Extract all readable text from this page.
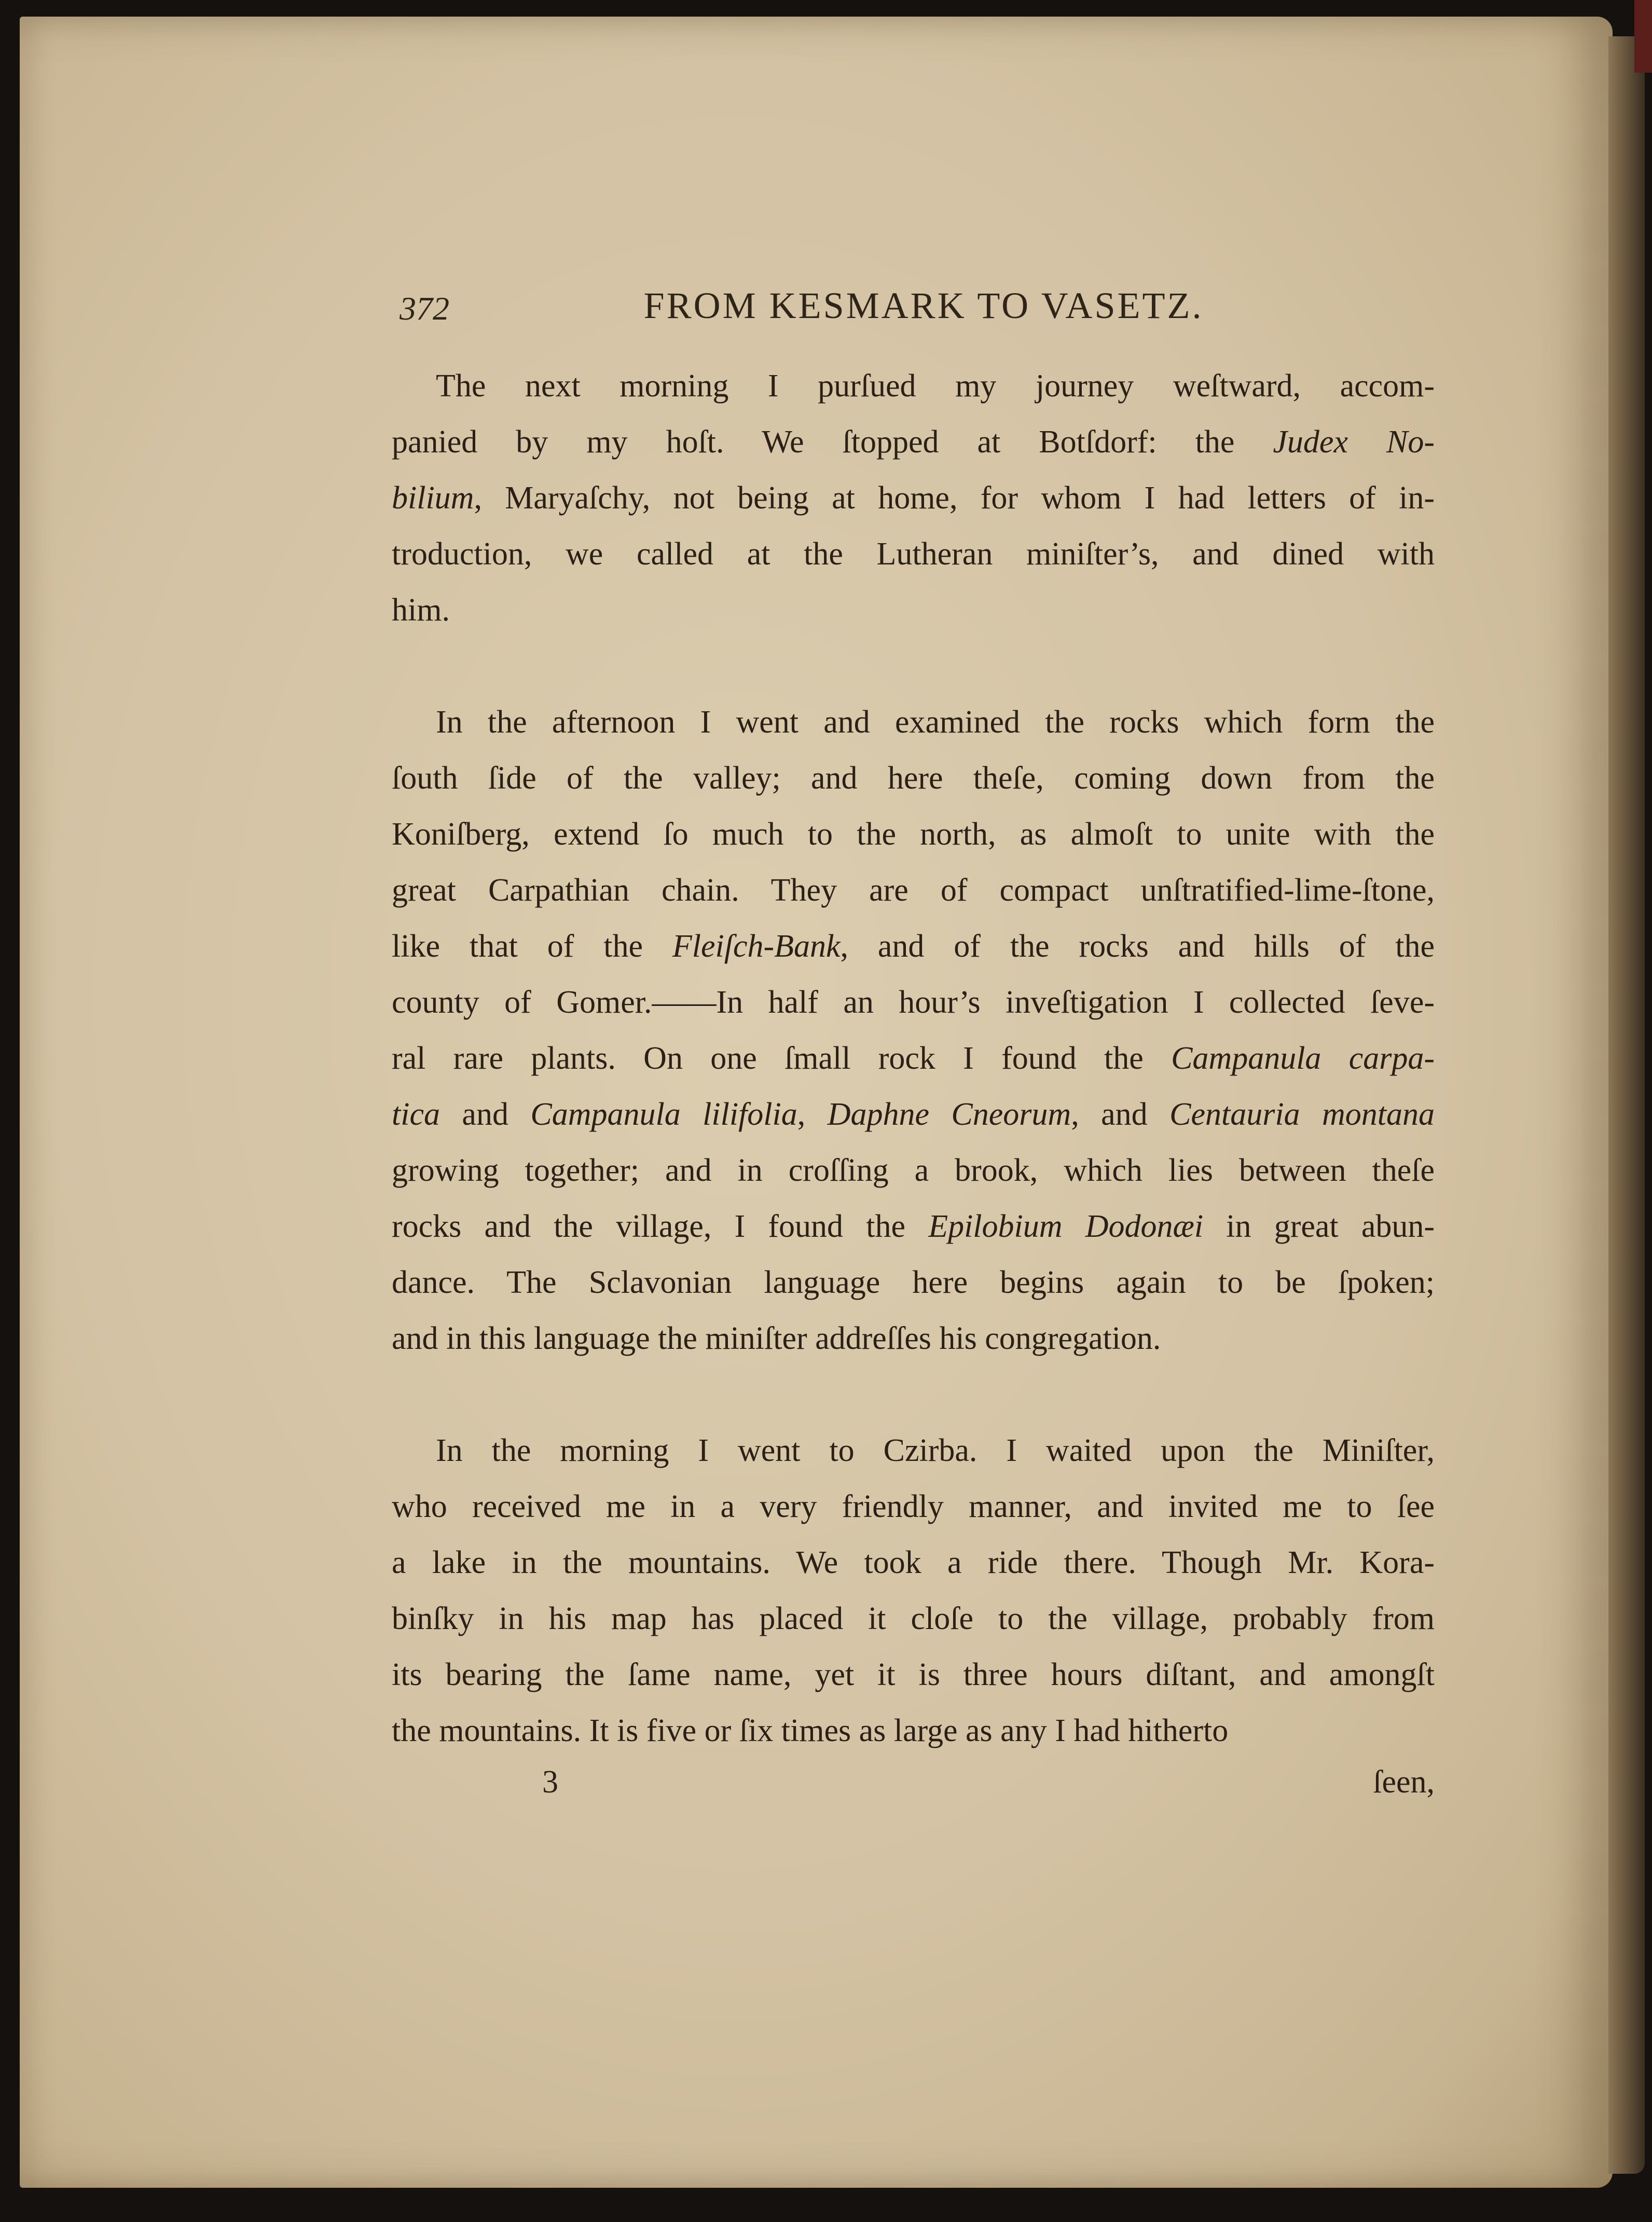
372	FROM KESMARK TO VASETZ.
The next morning I purſued my journey weſtward, accom-
panied by my hoſt. We ſtopped at Botſdorf: the Judex No-
bilium, Maryaſchy, not being at home, for whom I had letters of in-
troduction, we called at the Lutheran miniſter’s, and dined with
him.
In the afternoon I went and examined the rocks which form the
ſouth ſide of the valley; and here theſe, coming down from the
Koniſberg, extend ſo much to the north, as almoſt to unite with the
great Carpathian chain. They are of compact unſtratified-lime-ſtone,
like that of the Fleiſch-Bank, and of the rocks and hills of the
county of Gomer.——In half an hour’s inveſtigation I collected ſeve-
ral rare plants. On one ſmall rock I found the Campanula carpa-
tica and Campanula lilifolia, Daphne Cneorum, and Centauria montana
growing together; and in croſſing a brook, which lies between theſe
rocks and the village, I found the Epilobium Dodonæi in great abun-
dance. The Sclavonian language here begins again to be ſpoken;
and in this language the miniſter addreſſes his congregation.
In the morning I went to Czirba. I waited upon the Miniſter,
who received me in a very friendly manner, and invited me to ſee
a lake in the mountains. We took a ride there. Though Mr. Kora-
binſky in his map has placed it cloſe to the village, probably from
its bearing the ſame name, yet it is three hours diſtant, and amongſt
the mountains. It is five or ſix times as large as any I had hitherto
3	ſeen,
